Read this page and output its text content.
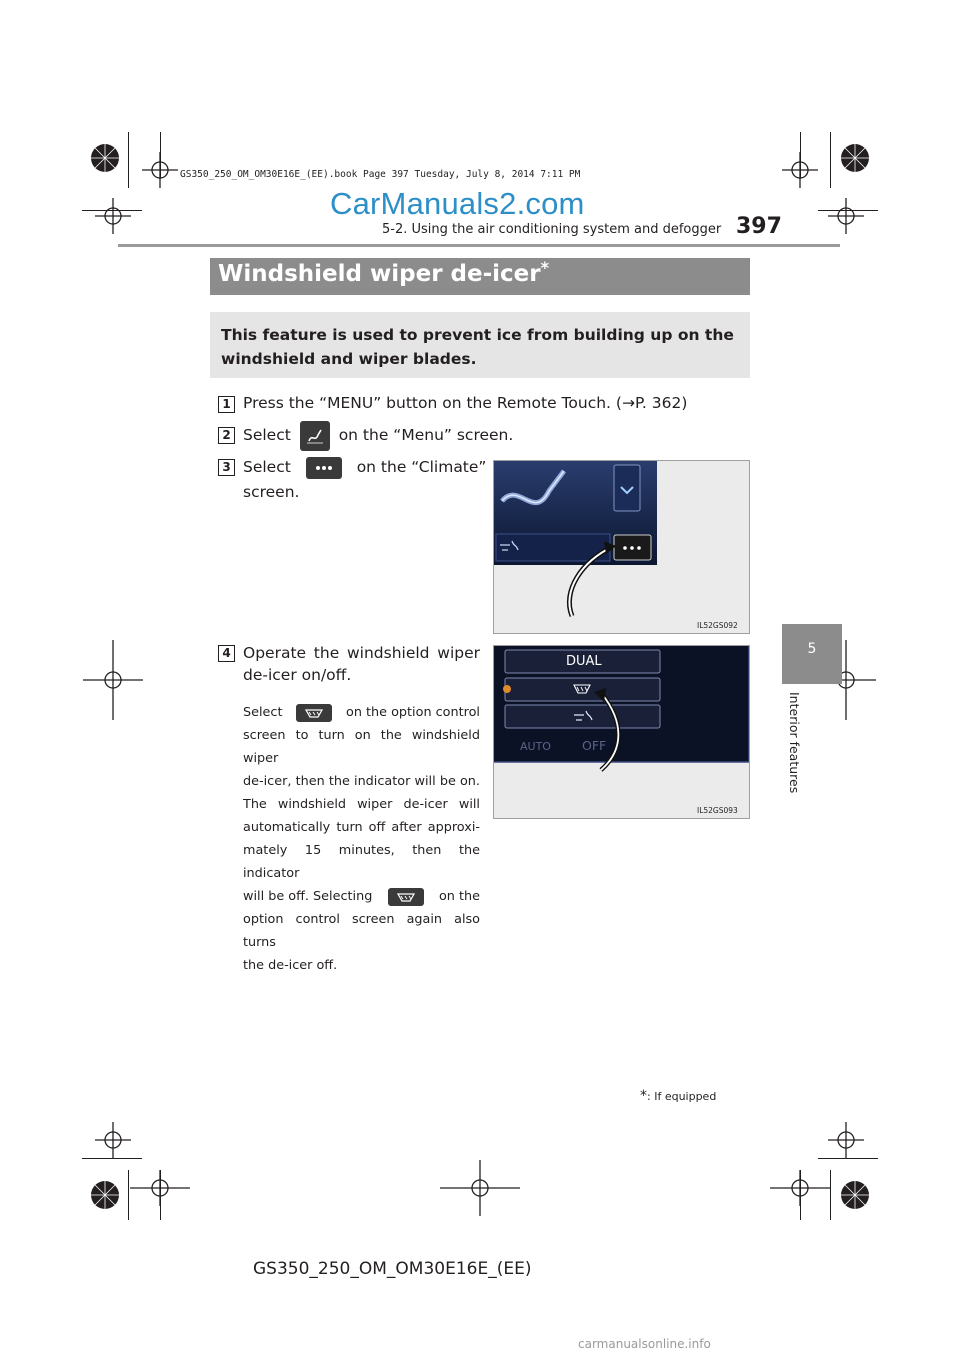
GS350_250_OM_OM30E16E_(EE).book Page 397 Tuesday, July 8, 2014 7:11 PM
CarManuals2.com
5-2. Using the air conditioning system and defogger 397
5
Interior features
Windshield wiper de-icer *
This feature is used to prevent ice from building up on the windshield and wiper blades.
1 Press the “MENU” button on the Remote Touch. (→P. 362)
2 Select	on the “Menu” screen.
3 Select	on the “Climate”
screen.
IL52GS092
4 Operate the windshield wiper
de-icer on/off.
Select	on the option control
screen to turn on the windshield wiper
de-icer, then the indicator will be on.
The windshield wiper de-icer will
automatically turn off after approxi-
mately 15 minutes, then the indicator
will be off. Selecting	on the
option control screen again also turns
the de-icer off.
DUAL
AUTO OFF
IL52GS093
*: If equipped
GS350_250_OM_OM30E16E_(EE)
carmanualsonline.info
